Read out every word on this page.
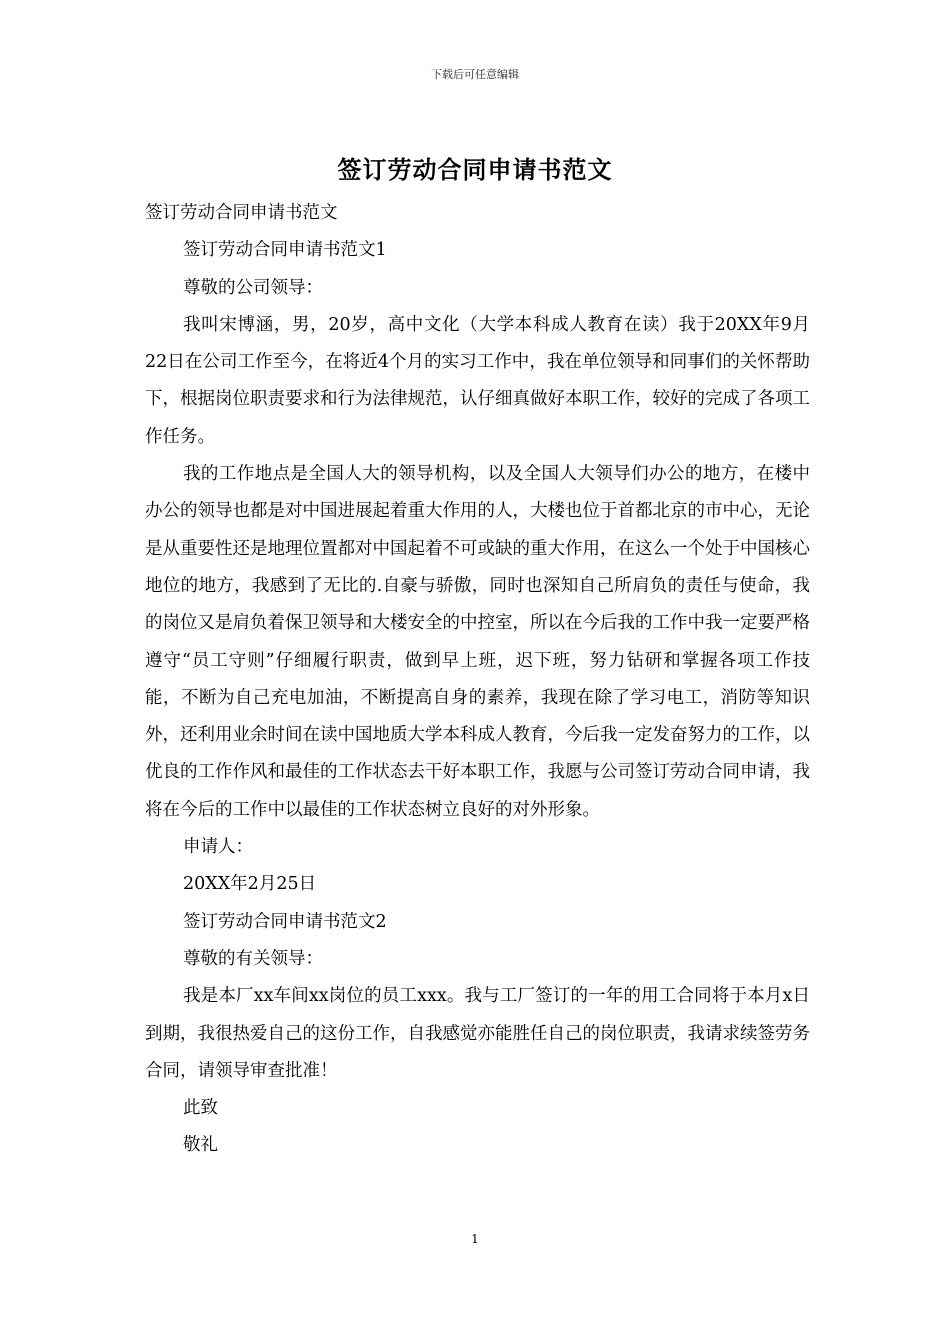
下载后可任意编辑
签订劳动合同申请书范文

签订劳动合同申请书范文

签订劳动合同申请书范文1

尊敬的公司领导：

我叫宋博涵，男，20岁，高中文化（大学本科成人教育在读）我于20XX年9月22日在公司工作至今，在将近4个月的实习工作中，我在单位领导和同事们的关怀帮助下，根据岗位职责要求和行为法律规范，认仔细真做好本职工作，较好的完成了各项工作任务。

我的工作地点是全国人大的领导机构，以及全国人大领导们办公的地方，在楼中办公的领导也都是对中国进展起着重大作用的人，大楼也位于首都北京的市中心，无论是从重要性还是地理位置都对中国起着不可或缺的重大作用，在这么一个处于中国核心地位的地方，我感到了无比的.自豪与骄傲，同时也深知自己所肩负的责任与使命，我的岗位又是肩负着保卫领导和大楼安全的中控室，所以在今后我的工作中我一定要严格遵守“员工守则”仔细履行职责，做到早上班，迟下班，努力钻研和掌握各项工作技能，不断为自己充电加油，不断提高自身的素养，我现在除了学习电工，消防等知识外，还利用业余时间在读中国地质大学本科成人教育，今后我一定发奋努力的工作，以优良的工作作风和最佳的工作状态去干好本职工作，我愿与公司签订劳动合同申请，我将在今后的工作中以最佳的工作状态树立良好的对外形象。

申请人：

20XX年2月25日

签订劳动合同申请书范文2

尊敬的有关领导：

我是本厂xx车间xx岗位的员工xxx。我与工厂签订的一年的用工合同将于本月x日到期，我很热爱自己的这份工作，自我感觉亦能胜任自己的岗位职责，我请求续签劳务合同，请领导审查批准！

此致

敬礼

1
